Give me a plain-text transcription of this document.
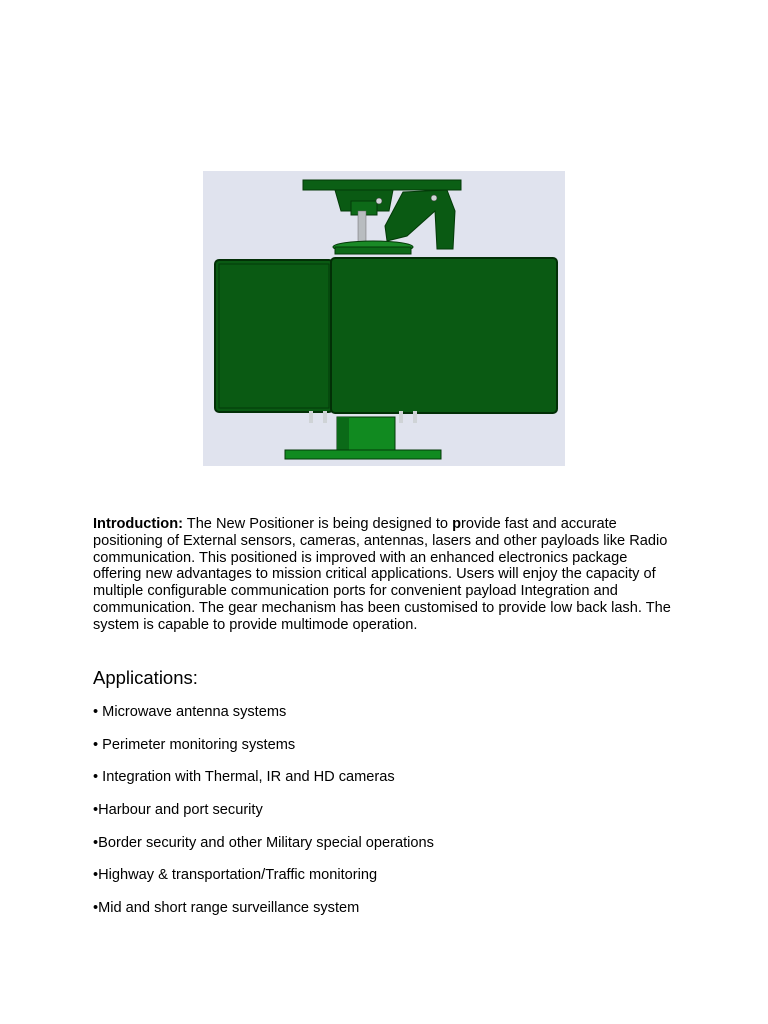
Introduction: The New Positioner is being designed to provide fast and accurate positioning of External sensors, cameras, antennas, lasers and other payloads like Radio communication. This positioned is improved with an enhanced electronics package offering new advantages to mission critical applications. Users will enjoy the capacity of multiple configurable communication ports for convenient payload Integration and communication. The gear mechanism has been customised to provide low back lash. The system is capable to provide multimode operation.

Applications:
• Microwave antenna systems
• Perimeter monitoring systems
• Integration with Thermal, IR and HD cameras
•Harbour and port security
•Border security and other Military special operations
•Highway & transportation/Traffic monitoring
•Mid and short range surveillance system
